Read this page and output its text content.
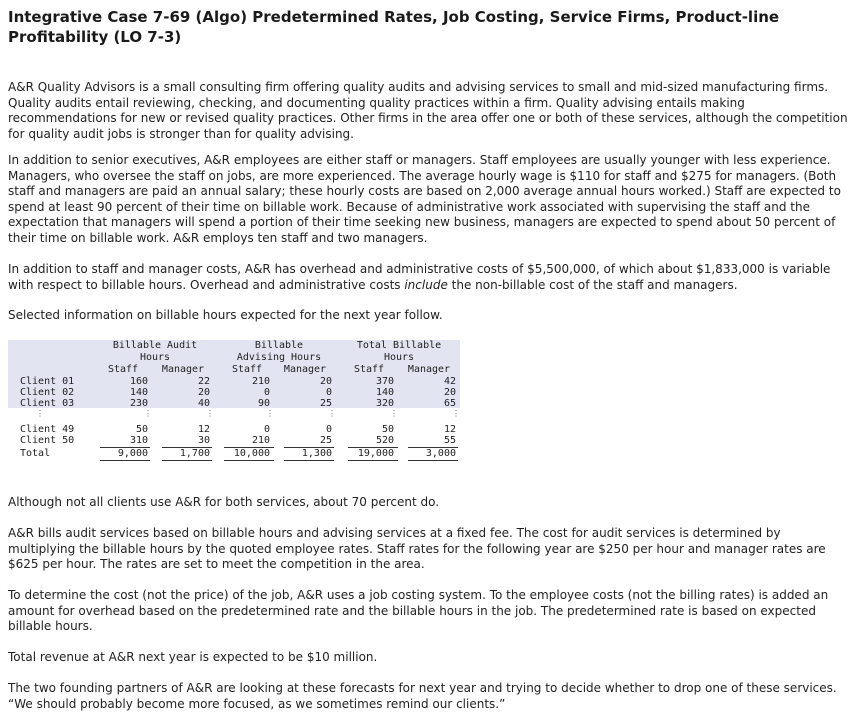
Integrative Case 7-69 (Algo) Predetermined Rates, Job Costing, Service Firms, Product-line Profitability (LO 7-3)
A&R Quality Advisors is a small consulting firm offering quality audits and advising services to small and mid-sized manufacturing firms. Quality audits entail reviewing, checking, and documenting quality practices within a firm. Quality advising entails making recommendations for new or revised quality practices. Other firms in the area offer one or both of these services, although the competition for quality audit jobs is stronger than for quality advising.
In addition to senior executives, A&R employees are either staff or managers. Staff employees are usually younger with less experience. Managers, who oversee the staff on jobs, are more experienced. The average hourly wage is $110 for staff and $275 for managers. (Both staff and managers are paid an annual salary; these hourly costs are based on 2,000 average annual hours worked.) Staff are expected to spend at least 90 percent of their time on billable work. Because of administrative work associated with supervising the staff and the expectation that managers will spend a portion of their time seeking new business, managers are expected to spend about 50 percent of their time on billable work. A&R employs ten staff and two managers.
In addition to staff and manager costs, A&R has overhead and administrative costs of $5,500,000, of which about $1,833,000 is variable with respect to billable hours. Overhead and administrative costs include the non-billable cost of the staff and managers.
Selected information on billable hours expected for the next year follow.
Billable Audit
Hours
Billable
Advising Hours
Total Billable
Hours
Staff	Manager	Staff	Manager	Staff	Manager
Client 01	160	22	210	20	370	42
Client 02	140	20	0	0	140	20
Client 03	230	40	90	25	320	65
⋮	⋮	⋮	⋮	⋮	⋮	⋮
Client 49	50	12	0	0	50	12
Client 50	310	30	210	25	520	55
Total	9,000	1,700	10,000	1,300	19,000	3,000
Although not all clients use A&R for both services, about 70 percent do.
A&R bills audit services based on billable hours and advising services at a fixed fee. The cost for audit services is determined by multiplying the billable hours by the quoted employee rates. Staff rates for the following year are $250 per hour and manager rates are $625 per hour. The rates are set to meet the competition in the area.
To determine the cost (not the price) of the job, A&R uses a job costing system. To the employee costs (not the billing rates) is added an amount for overhead based on the predetermined rate and the billable hours in the job. The predetermined rate is based on expected billable hours.
Total revenue at A&R next year is expected to be $10 million.
The two founding partners of A&R are looking at these forecasts for next year and trying to decide whether to drop one of these services. “We should probably become more focused, as we sometimes remind our clients.”
